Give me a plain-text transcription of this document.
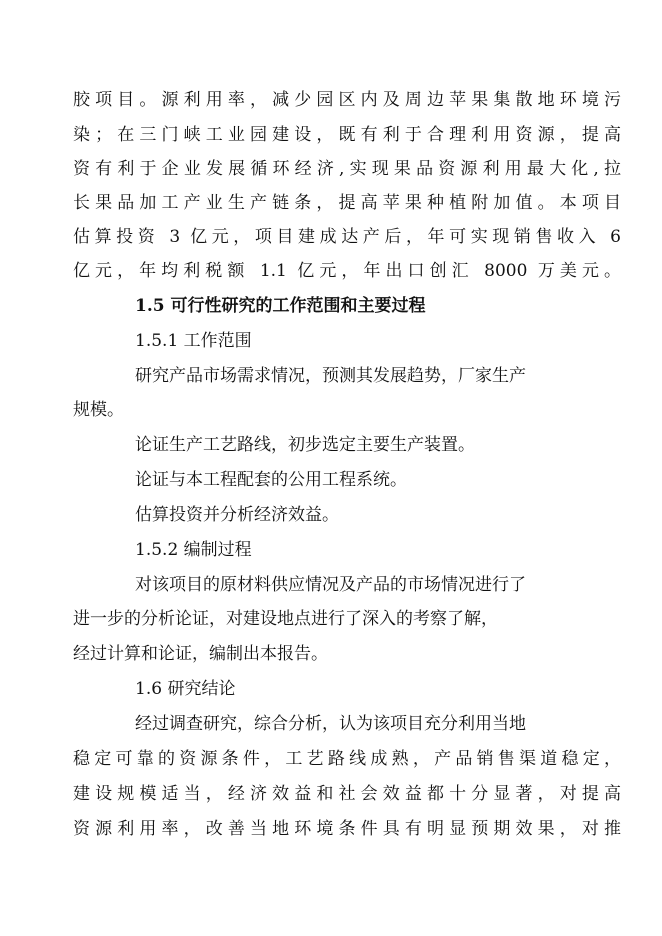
胶项目。源利用率，减少园区内及周边苹果集散地环境污
染；在三门峡工业园建设，既有利于合理利用资源，提高
资有利于企业发展循环经济,实现果品资源利用最大化,拉
长果品加工产业生产链条，提高苹果种植附加值。本项目
估算投资 3 亿元，项目建成达产后，年可实现销售收入 6
亿元，年均利税额 1.1 亿元，年出口创汇 8000 万美元。
1.5 可行性研究的工作范围和主要过程
1.5.1 工作范围
研究产品市场需求情况，预测其发展趋势，厂家生产
规模。
论证生产工艺路线，初步选定主要生产装置。
论证与本工程配套的公用工程系统。
估算投资并分析经济效益。
1.5.2 编制过程
对该项目的原材料供应情况及产品的市场情况进行了
进一步的分析论证，对建设地点进行了深入的考察了解，
经过计算和论证，编制出本报告。
1.6 研究结论
经过调查研究，综合分析，认为该项目充分利用当地
稳定可靠的资源条件，工艺路线成熟，产品销售渠道稳定，
建设规模适当，经济效益和社会效益都十分显著，对提高
资源利用率，改善当地环境条件具有明显预期效果，对推
